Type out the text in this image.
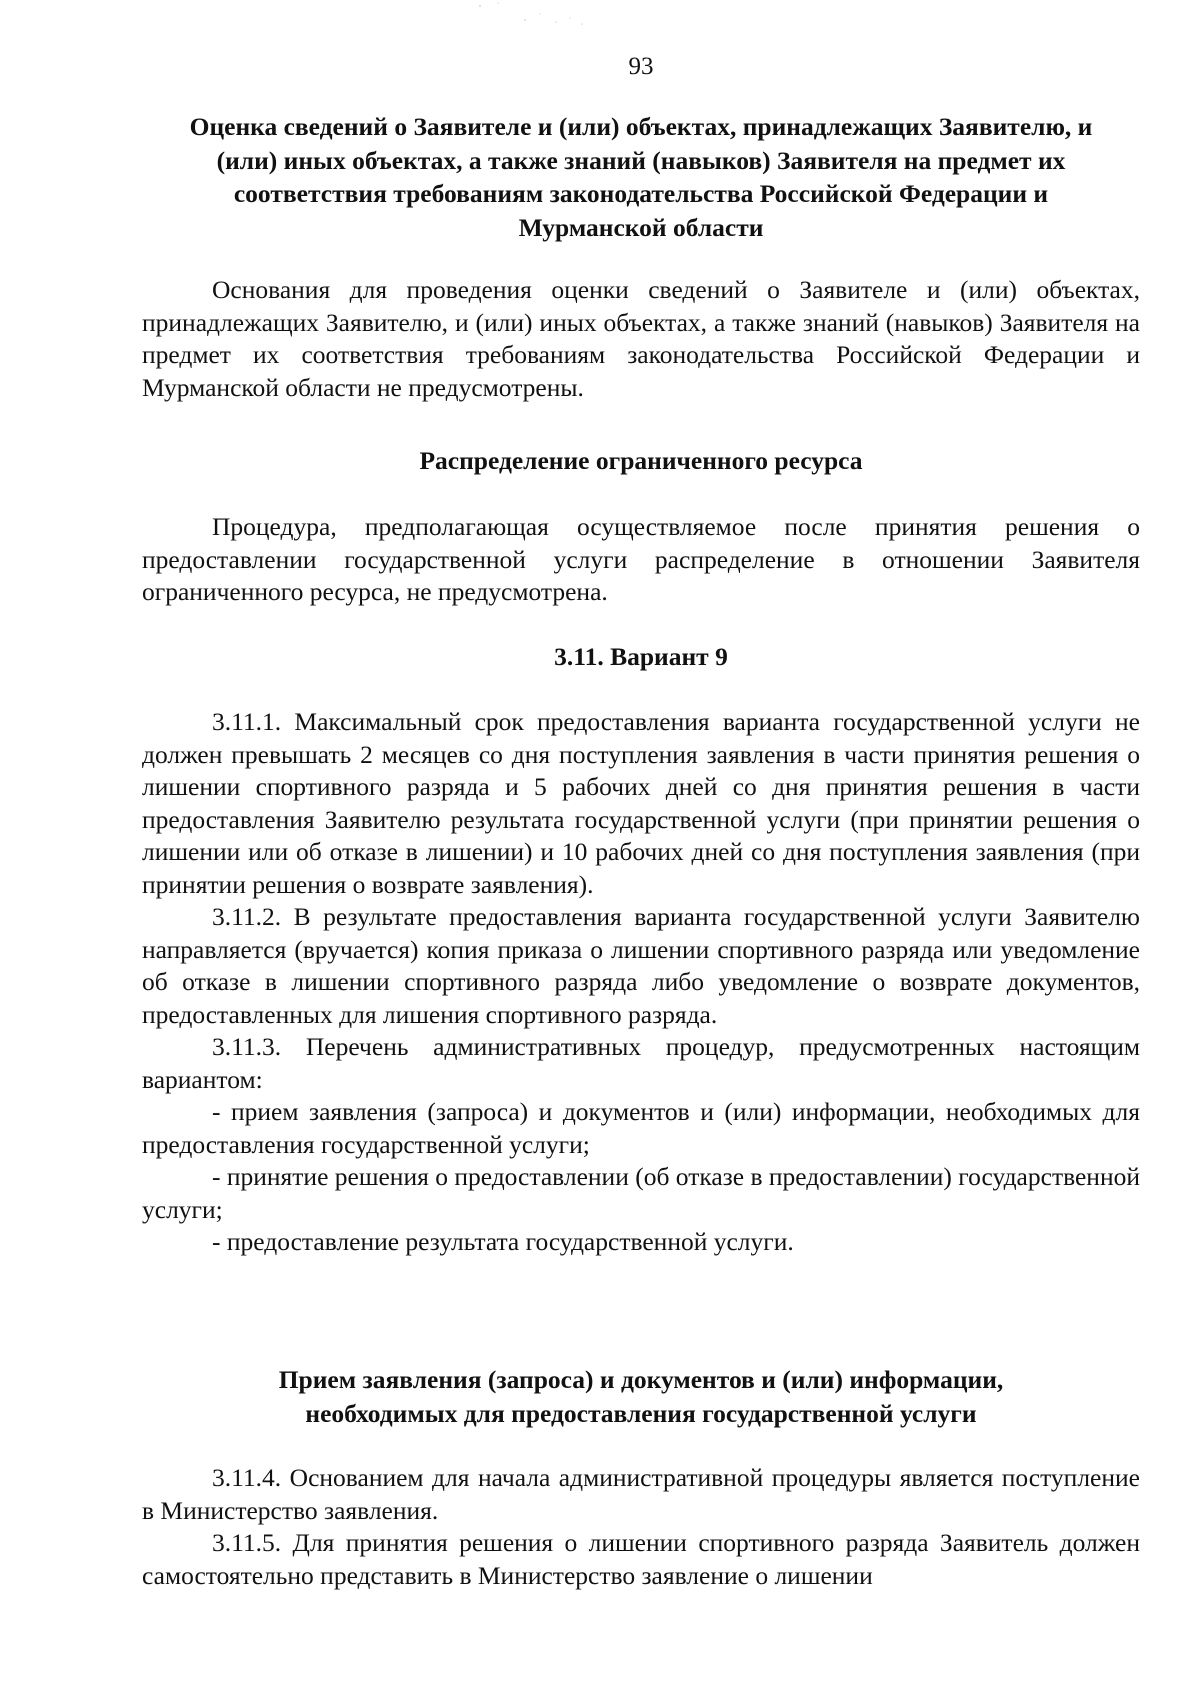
93

Оценка сведений о Заявителе и (или) объектах, принадлежащих Заявителю, и (или) иных объектах, а также знаний (навыков) Заявителя на предмет их соответствия требованиям законодательства Российской Федерации и Мурманской области

Основания для проведения оценки сведений о Заявителе и (или) объектах, принадлежащих Заявителю, и (или) иных объектах, а также знаний (навыков) Заявителя на предмет их соответствия требованиям законодательства Российской Федерации и Мурманской области не предусмотрены.

Распределение ограниченного ресурса

Процедура, предполагающая осуществляемое после принятия решения о предоставлении государственной услуги распределение в отношении Заявителя ограниченного ресурса, не предусмотрена.

3.11. Вариант 9

3.11.1. Максимальный срок предоставления варианта государственной услуги не должен превышать 2 месяцев со дня поступления заявления в части принятия решения о лишении спортивного разряда и 5 рабочих дней со дня принятия решения в части предоставления Заявителю результата государственной услуги (при принятии решения о лишении или об отказе в лишении) и 10 рабочих дней со дня поступления заявления (при принятии решения о возврате заявления).

3.11.2. В результате предоставления варианта государственной услуги Заявителю направляется (вручается) копия приказа о лишении спортивного разряда или уведомление об отказе в лишении спортивного разряда либо уведомление о возврате документов, предоставленных для лишения спортивного разряда.

3.11.3. Перечень административных процедур, предусмотренных настоящим вариантом:

- прием заявления (запроса) и документов и (или) информации, необходимых для предоставления государственной услуги;

- принятие решения о предоставлении (об отказе в предоставлении) государственной услуги;

- предоставление результата государственной услуги.

Прием заявления (запроса) и документов и (или) информации, необходимых для предоставления государственной услуги

3.11.4. Основанием для начала административной процедуры является поступление в Министерство заявления.

3.11.5. Для принятия решения о лишении спортивного разряда Заявитель должен самостоятельно представить в Министерство заявление о лишении
